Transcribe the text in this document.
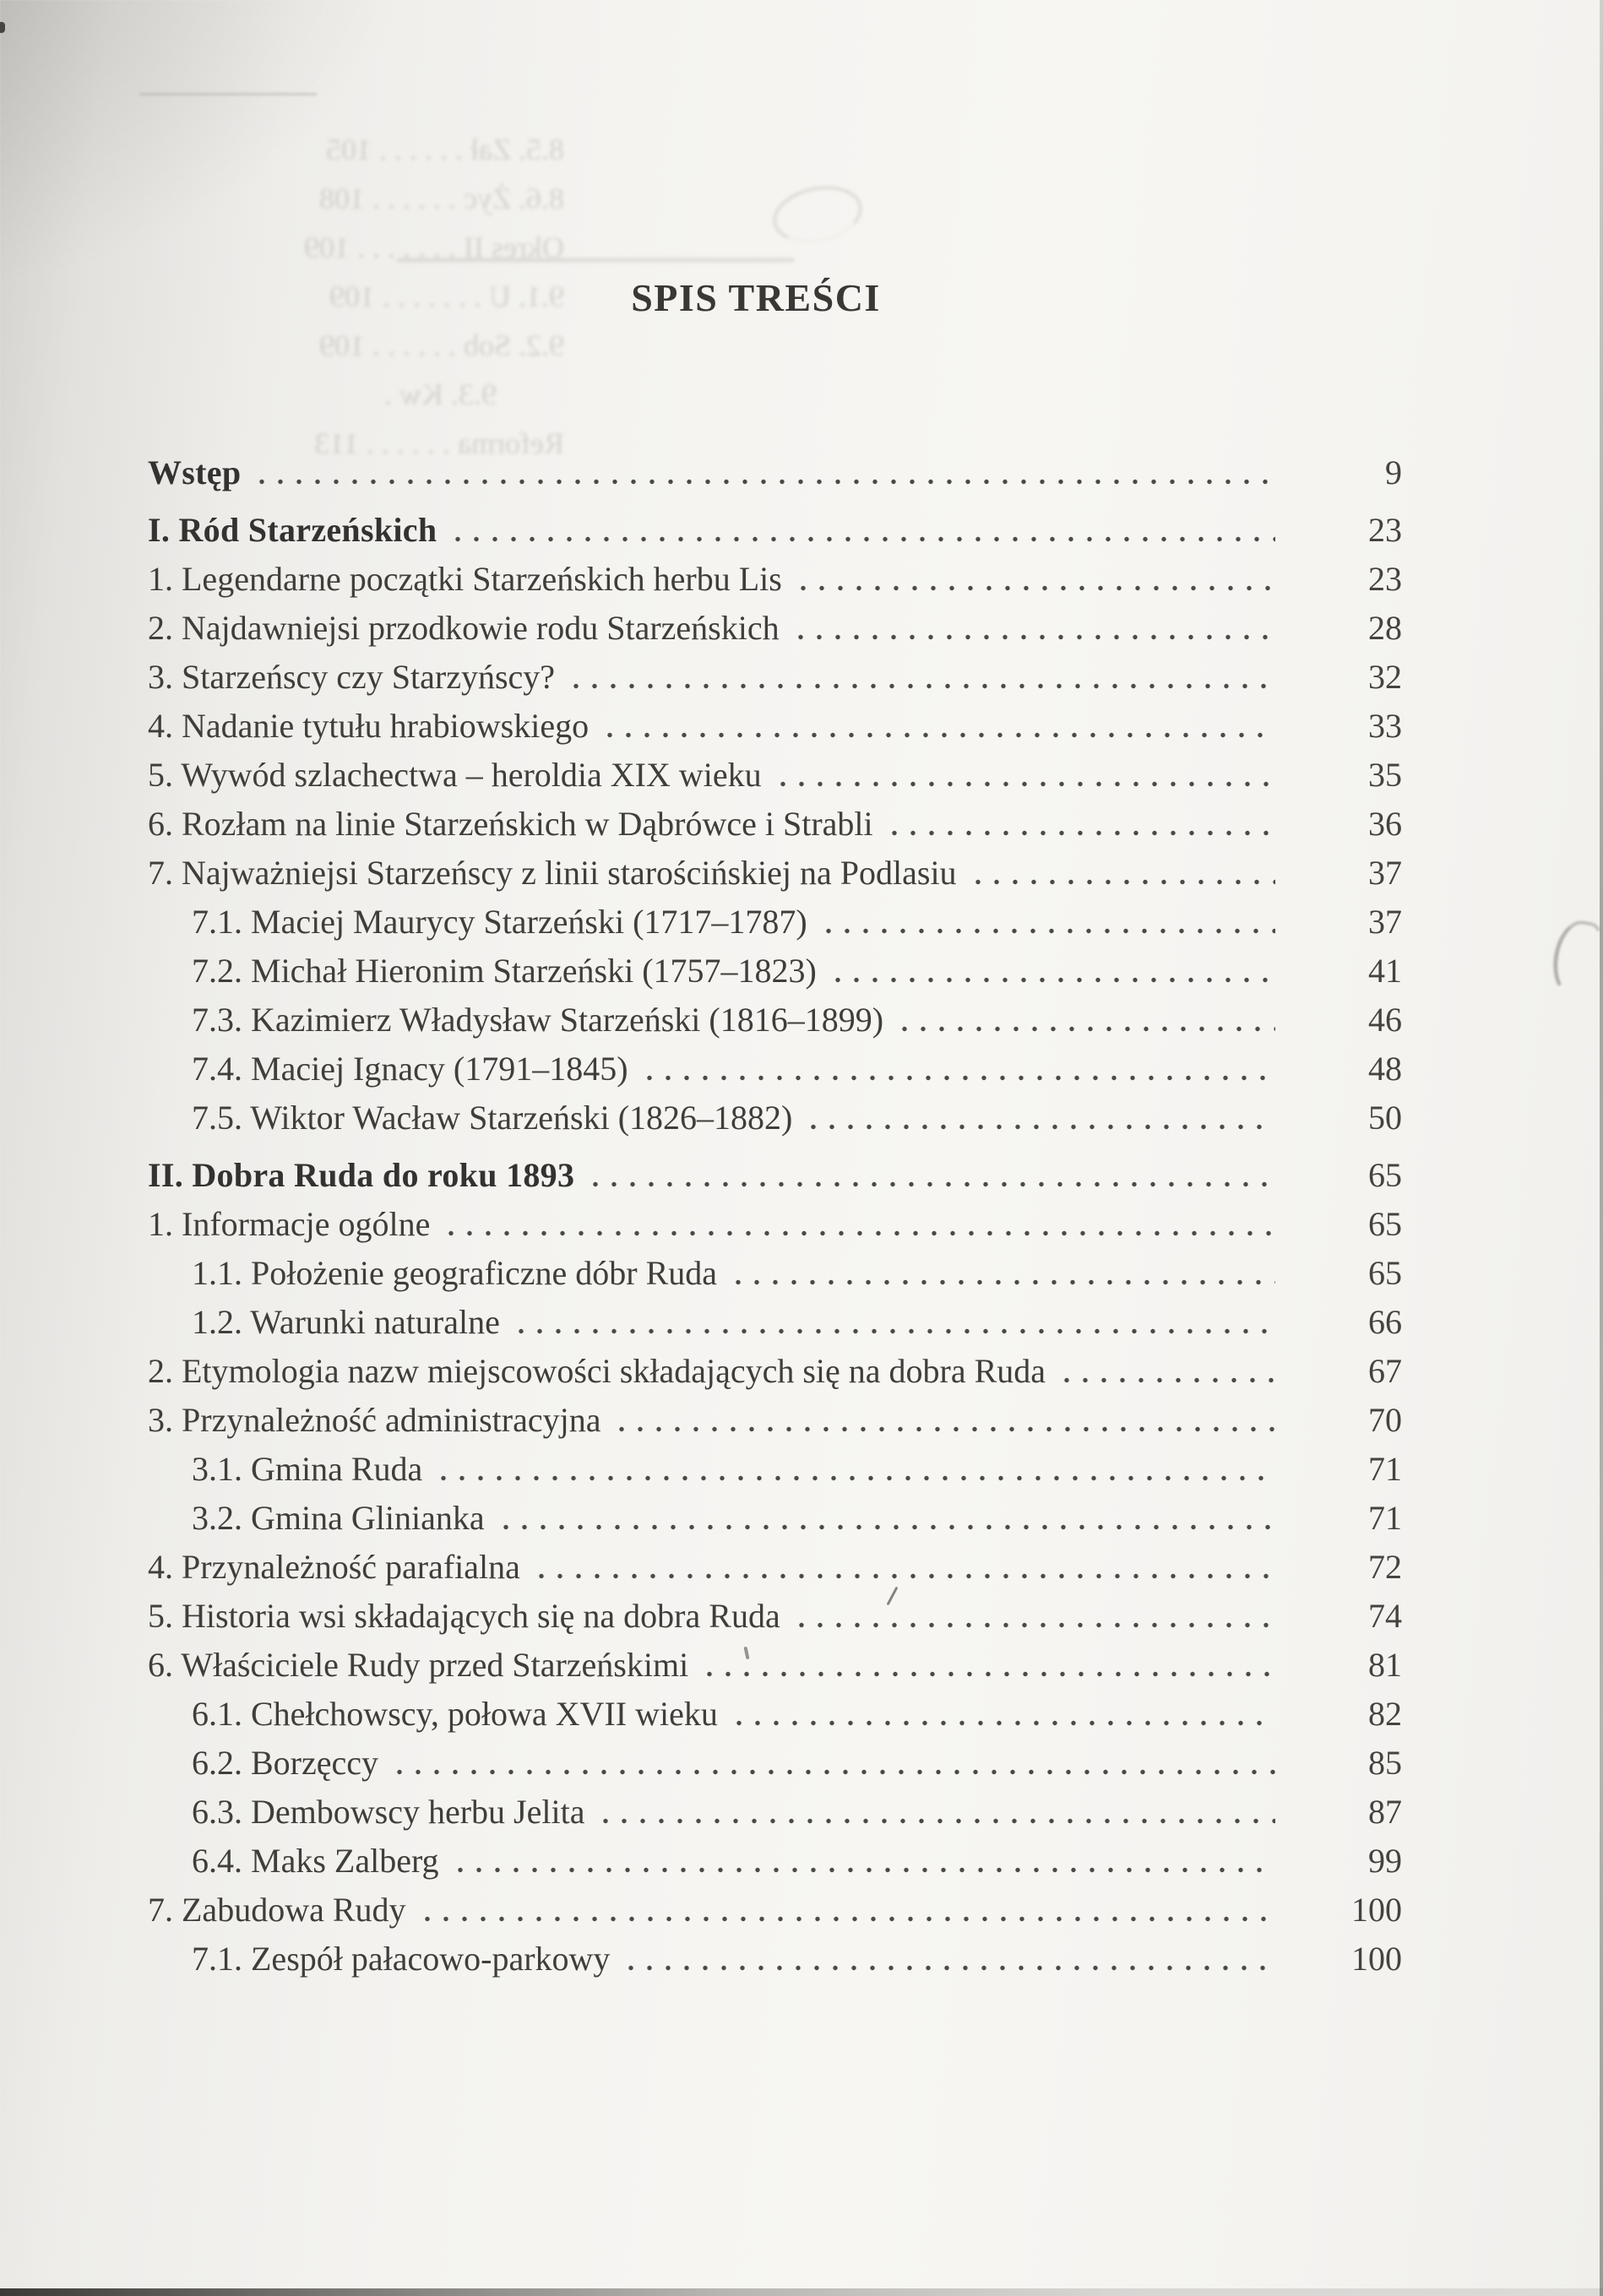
8.5. Zał . . . . . . 105
8.6. Życ . . . . . . 108
Okres II . . . . . . . 109
9.1. U . . . . . . . 109
9.2. Sob . . . . . . 109
9.3. Kw .
Reforma . . . . . . 113
SPIS TREŚCI
Wstęp	9
I. Ród Starzeńskich	23
1. Legendarne początki Starzeńskich herbu Lis	23
2. Najdawniejsi przodkowie rodu Starzeńskich	28
3. Starzeńscy czy Starzyńscy?	32
4. Nadanie tytułu hrabiowskiego	33
5. Wywód szlachectwa – heroldia XIX wieku	35
6. Rozłam na linie Starzeńskich w Dąbrówce i Strabli	36
7. Najważniejsi Starzeńscy z linii starościńskiej na Podlasiu	37
7.1. Maciej Maurycy Starzeński (1717–1787)	37
7.2. Michał Hieronim Starzeński (1757–1823)	41
7.3. Kazimierz Władysław Starzeński (1816–1899)	46
7.4. Maciej Ignacy (1791–1845)	48
7.5. Wiktor Wacław Starzeński (1826–1882)	50
II. Dobra Ruda do roku 1893	65
1. Informacje ogólne	65
1.1. Położenie geograficzne dóbr Ruda	65
1.2. Warunki naturalne	66
2. Etymologia nazw miejscowości składających się na dobra Ruda	67
3. Przynależność administracyjna	70
3.1. Gmina Ruda	71
3.2. Gmina Glinianka	71
4. Przynależność parafialna	72
5. Historia wsi składających się na dobra Ruda	74
6. Właściciele Rudy przed Starzeńskimi	81
6.1. Chełchowscy, połowa XVII wieku	82
6.2. Borzęccy	85
6.3. Dembowscy herbu Jelita	87
6.4. Maks Zalberg	99
7. Zabudowa Rudy	100
7.1. Zespół pałacowo-parkowy	100
